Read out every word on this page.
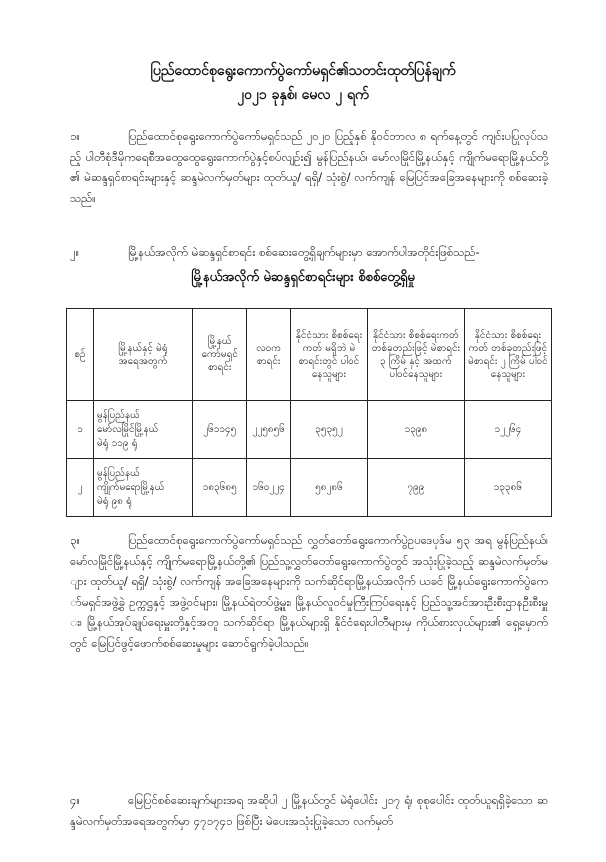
ပြည်ထောင်စုရွေးကောက်ပွဲကော်မရှင်၏သတင်းထုတ်ပြန်ချက်
၂၀၂၁ ခုနှစ်၊ မေလ ၂ ရက်
၁။	ပြည်ထောင်စုရွေးကောက်ပွဲကော်မရှင်သည် ၂၀၂၀ ပြည့်နှစ် နိုဝင်ဘာလ ၈ ရက်နေ့တွင် ကျင်းပပြုလုပ်သည့် ပါတီစုံဒီမိုကရေစီအထွေထွေရွေးကောက်ပွဲနှင့်စပ်လျဉ်း၍ မွန်ပြည်နယ်၊ မော်လမြိုင်မြို့နယ်နှင့် ကျိုက်မရောမြို့နယ်တို့၏ မဲဆန္ဒရှင်စာရင်းများနှင့် ဆန္ဒမဲလက်မှတ်များ ထုတ်ယူ/ ရရှိ/ သုံးစွဲ/ လက်ကျန် မြေပြင်အခြေအနေများကို စစ်ဆေးခဲ့သည်။
၂။	မြို့နယ်အလိုက် မဲဆန္ဒရှင်စာရင်း စစ်ဆေးတွေ့ရှိချက်များမှာ အောက်ပါအတိုင်းဖြစ်သည်-
မြို့နယ်အလိုက် မဲဆန္ဒရှင်စာရင်းများ စိစစ်တွေ့ရှိမှု
စဉ်	မြို့နယ်နှင့် မဲရုံအရေအတွက်	မြို့နယ် ကော်မရှင် စာရင်း	လဝက စာရင်း	နိုင်ငံသား စိစစ်ရေးကတ် မရှိဘဲ မဲစာရင်းတွင် ပါဝင်နေသူများ	နိုင်ငံသား စိစစ်ရေးကတ် တစ်ခုတည်းဖြင့် မဲစာရင်း ၃ ကြိမ် နှင့် အထက် ပါဝင်နေသူများ	နိုင်ငံသား စိစစ်ရေးကတ် တစ်ခုတည်းဖြင့် မဲစာရင်း ၂ ကြိမ် ပါဝင်နေသူများ
၁	မွန်ပြည်နယ်
မော်လမြိုင်မြို့နယ်
မဲရုံ ၁၁၉ ရုံ	၂၆၁၁၄၅	၂၂၅၈၅၆	၃၅၃၅၂	၁၃၉၈	၁၂၂၆၄
၂	မွန်ပြည်နယ်
ကျိုက်မရောမြို့နယ်
မဲရုံ ၉၈ ရုံ	၁၈၃၆၈၅	၁၆၀၂၂၄	၅၈၂၈၆	၇၉၉	၁၃၃၈၆
၃။	ပြည်ထောင်စုရွေးကောက်ပွဲကော်မရှင်သည် လွှတ်တော်ရွေးကောက်ပွဲဥပဒေပုဒ်မ ၅၃ အရ မွန်ပြည်နယ်၊ မော်လမြိုင်မြို့နယ်နှင့် ကျိုက်မရောမြို့နယ်တို့၏ ပြည်သူ့လွှတ်တော်ရွေးကောက်ပွဲတွင် အသုံးပြုခဲ့သည့် ဆန္ဒမဲလက်မှတ်များ ထုတ်ယူ/ ရရှိ/ သုံးစွဲ/ လက်ကျန် အခြေအနေများကို သက်ဆိုင်ရာမြို့နယ်အလိုက် ယခင် မြို့နယ်ရွေးကောက်ပွဲကော်မရှင်အဖွဲ့ခွဲ ဥက္ကဋ္ဌနှင့် အဖွဲ့ဝင်များ၊ မြို့နယ်ရဲတပ်ဖွဲ့မှူး၊ မြို့နယ်လူဝင်မှုကြီးကြပ်ရေးနှင့် ပြည်သူ့အင်အားဦးစီးဌာနဦးစီးမှူး၊ မြို့နယ်အုပ်ချုပ်ရေးမှူးတို့နှင့်အတူ သက်ဆိုင်ရာ မြို့နယ်များရှိ နိုင်ငံရေးပါတီများမှ ကိုယ်စားလှယ်များ၏ ရှေ့မှောက်တွင် မြေပြင်ဖွင့်ဖောက်စစ်ဆေးမှုများ ဆောင်ရွက်ခဲ့ပါသည်။
၄။	မြေပြင်စစ်ဆေးချက်များအရ အဆိုပါ ၂ မြို့နယ်တွင် မဲရုံပေါင်း ၂၁၇ ရုံ၊ စုစုပေါင်း ထုတ်ယူရရှိခဲ့သော ဆန္ဒမဲလက်မှတ်အရေအတွက်မှာ ၄၇၁၇၄၁ ဖြစ်ပြီး မဲပေးအသုံးပြုခဲ့သော လက်မှတ်
